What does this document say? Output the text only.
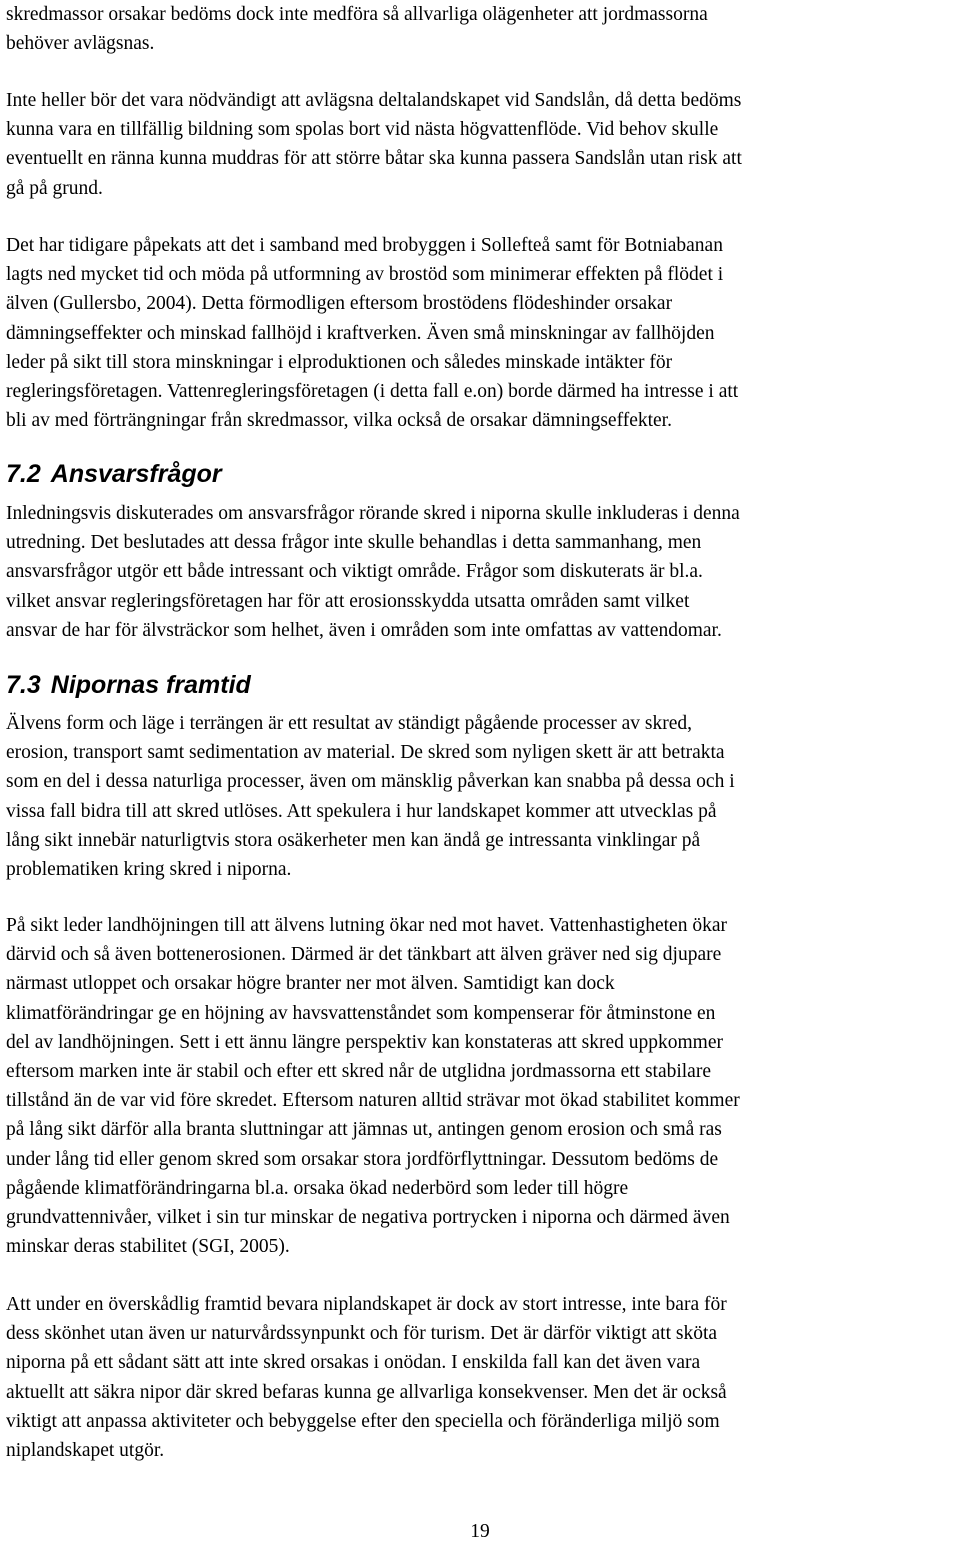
skredmassor orsakar bedöms dock inte medföra så allvarliga olägenheter att jordmassorna
behöver avlägsnas.

Inte heller bör det vara nödvändigt att avlägsna deltalandskapet vid Sandslån, då detta bedöms
kunna vara en tillfällig bildning som spolas bort vid nästa högvattenflöde. Vid behov skulle
eventuellt en ränna kunna muddras för att större båtar ska kunna passera Sandslån utan risk att
gå på grund.

Det har tidigare påpekats att det i samband med brobyggen i Sollefteå samt för Botniabanan
lagts ned mycket tid och möda på utformning av brostöd som minimerar effekten på flödet i
älven (Gullersbo, 2004). Detta förmodligen eftersom brostödens flödeshinder orsakar
dämningseffekter och minskad fallhöjd i kraftverken. Även små minskningar av fallhöjden
leder på sikt till stora minskningar i elproduktionen och således minskade intäkter för
regleringsföretagen. Vattenregleringsföretagen (i detta fall e.on) borde därmed ha intresse i att
bli av med förträngningar från skredmassor, vilka också de orsakar dämningseffekter.

7.2 Ansvarsfrågor

Inledningsvis diskuterades om ansvarsfrågor rörande skred i niporna skulle inkluderas i denna
utredning. Det beslutades att dessa frågor inte skulle behandlas i detta sammanhang, men
ansvarsfrågor utgör ett både intressant och viktigt område. Frågor som diskuterats är bl.a.
vilket ansvar regleringsföretagen har för att erosionsskydda utsatta områden samt vilket
ansvar de har för älvsträckor som helhet, även i områden som inte omfattas av vattendomar.

7.3 Nipornas framtid

Älvens form och läge i terrängen är ett resultat av ständigt pågående processer av skred,
erosion, transport samt sedimentation av material. De skred som nyligen skett är att betrakta
som en del i dessa naturliga processer, även om mänsklig påverkan kan snabba på dessa och i
vissa fall bidra till att skred utlöses. Att spekulera i hur landskapet kommer att utvecklas på
lång sikt innebär naturligtvis stora osäkerheter men kan ändå ge intressanta vinklingar på
problematiken kring skred i niporna.

På sikt leder landhöjningen till att älvens lutning ökar ned mot havet. Vattenhastigheten ökar
därvid och så även bottenerosionen. Därmed är det tänkbart att älven gräver ned sig djupare
närmast utloppet och orsakar högre branter ner mot älven. Samtidigt kan dock
klimatförändringar ge en höjning av havsvattenståndet som kompenserar för åtminstone en
del av landhöjningen. Sett i ett ännu längre perspektiv kan konstateras att skred uppkommer
eftersom marken inte är stabil och efter ett skred når de utglidna jordmassorna ett stabilare
tillstånd än de var vid före skredet. Eftersom naturen alltid strävar mot ökad stabilitet kommer
på lång sikt därför alla branta sluttningar att jämnas ut, antingen genom erosion och små ras
under lång tid eller genom skred som orsakar stora jordförflyttningar. Dessutom bedöms de
pågående klimatförändringarna bl.a. orsaka ökad nederbörd som leder till högre
grundvattennivåer, vilket i sin tur minskar de negativa portrycken i niporna och därmed även
minskar deras stabilitet (SGI, 2005).

Att under en överskådlig framtid bevara niplandskapet är dock av stort intresse, inte bara för
dess skönhet utan även ur naturvårdssynpunkt och för turism. Det är därför viktigt att sköta
niporna på ett sådant sätt att inte skred orsakas i onödan. I enskilda fall kan det även vara
aktuellt att säkra nipor där skred befaras kunna ge allvarliga konsekvenser. Men det är också
viktigt att anpassa aktiviteter och bebyggelse efter den speciella och föränderliga miljö som
niplandskapet utgör.

19
